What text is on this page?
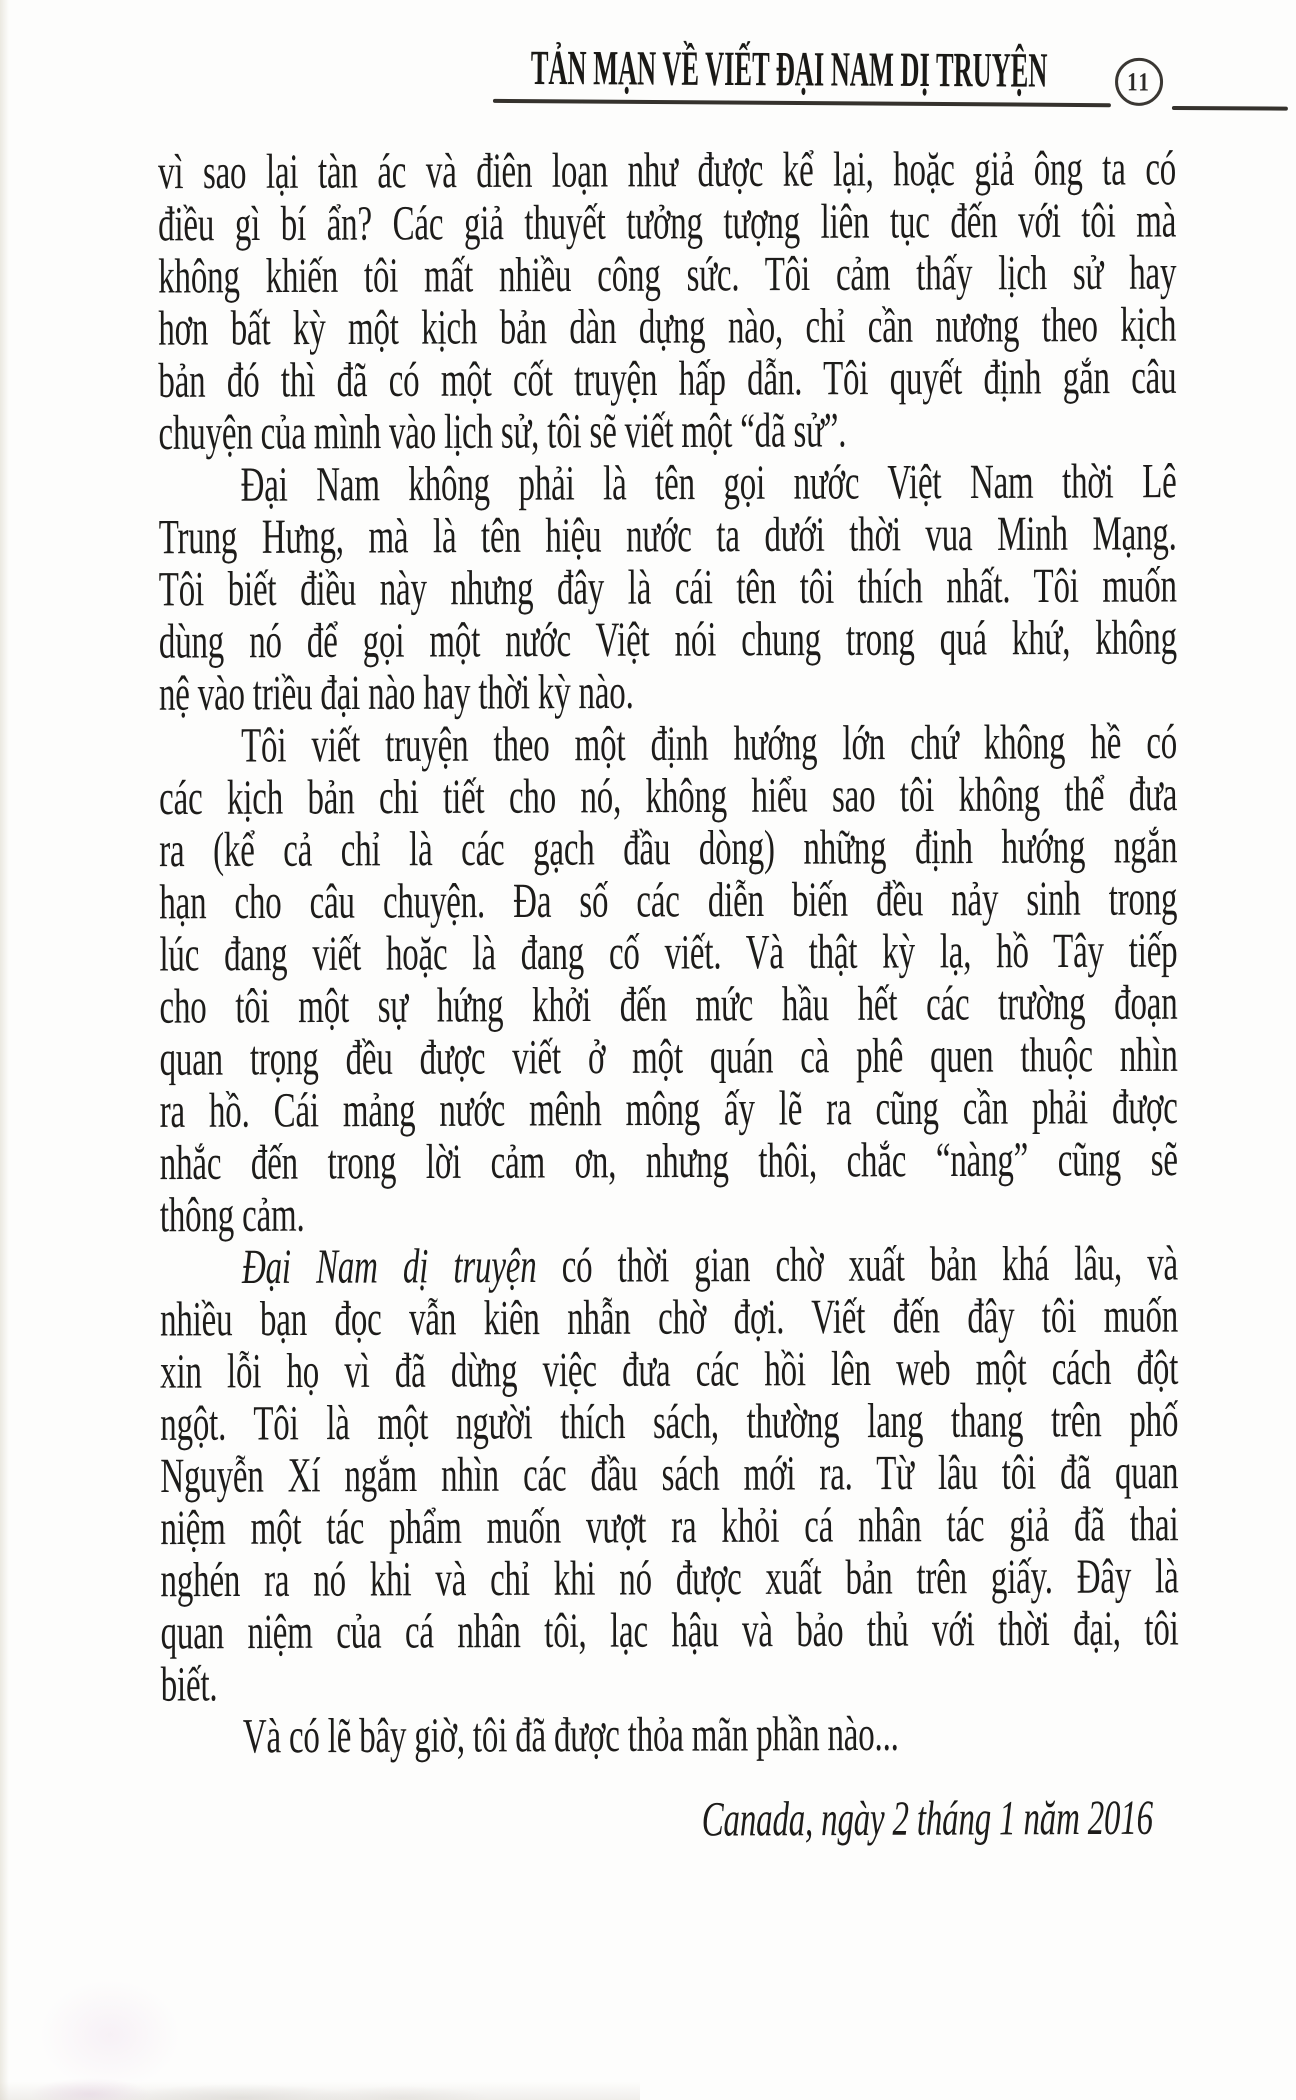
TẢN MẠN VỀ VIẾT ĐẠI NAM DỊ TRUYỆN	11
vì sao lại tàn ác và điên loạn như được kể lại, hoặc giả ông ta có
điều gì bí ẩn? Các giả thuyết tưởng tượng liên tục đến với tôi mà
không khiến tôi mất nhiều công sức. Tôi cảm thấy lịch sử hay
hơn bất kỳ một kịch bản dàn dựng nào, chỉ cần nương theo kịch
bản đó thì đã có một cốt truyện hấp dẫn. Tôi quyết định gắn câu
chuyện của mình vào lịch sử, tôi sẽ viết một “dã sử”.
Đại Nam không phải là tên gọi nước Việt Nam thời Lê
Trung Hưng, mà là tên hiệu nước ta dưới thời vua Minh Mạng.
Tôi biết điều này nhưng đây là cái tên tôi thích nhất. Tôi muốn
dùng nó để gọi một nước Việt nói chung trong quá khứ, không
nệ vào triều đại nào hay thời kỳ nào.
Tôi viết truyện theo một định hướng lớn chứ không hề có
các kịch bản chi tiết cho nó, không hiểu sao tôi không thể đưa
ra (kể cả chỉ là các gạch đầu dòng) những định hướng ngắn
hạn cho câu chuyện. Đa số các diễn biến đều nảy sinh trong
lúc đang viết hoặc là đang cố viết. Và thật kỳ lạ, hồ Tây tiếp
cho tôi một sự hứng khởi đến mức hầu hết các trường đoạn
quan trọng đều được viết ở một quán cà phê quen thuộc nhìn
ra hồ. Cái mảng nước mênh mông ấy lẽ ra cũng cần phải được
nhắc đến trong lời cảm ơn, nhưng thôi, chắc “nàng” cũng sẽ
thông cảm.
Đại Nam dị truyện có thời gian chờ xuất bản khá lâu, và
nhiều bạn đọc vẫn kiên nhẫn chờ đợi. Viết đến đây tôi muốn
xin lỗi họ vì đã dừng việc đưa các hồi lên web một cách đột
ngột. Tôi là một người thích sách, thường lang thang trên phố
Nguyễn Xí ngắm nhìn các đầu sách mới ra. Từ lâu tôi đã quan
niệm một tác phẩm muốn vượt ra khỏi cá nhân tác giả đã thai
nghén ra nó khi và chỉ khi nó được xuất bản trên giấy. Đây là
quan niệm của cá nhân tôi, lạc hậu và bảo thủ với thời đại, tôi
biết.
Và có lẽ bây giờ, tôi đã được thỏa mãn phần nào...
Canada, ngày 2 tháng 1 năm 2016
